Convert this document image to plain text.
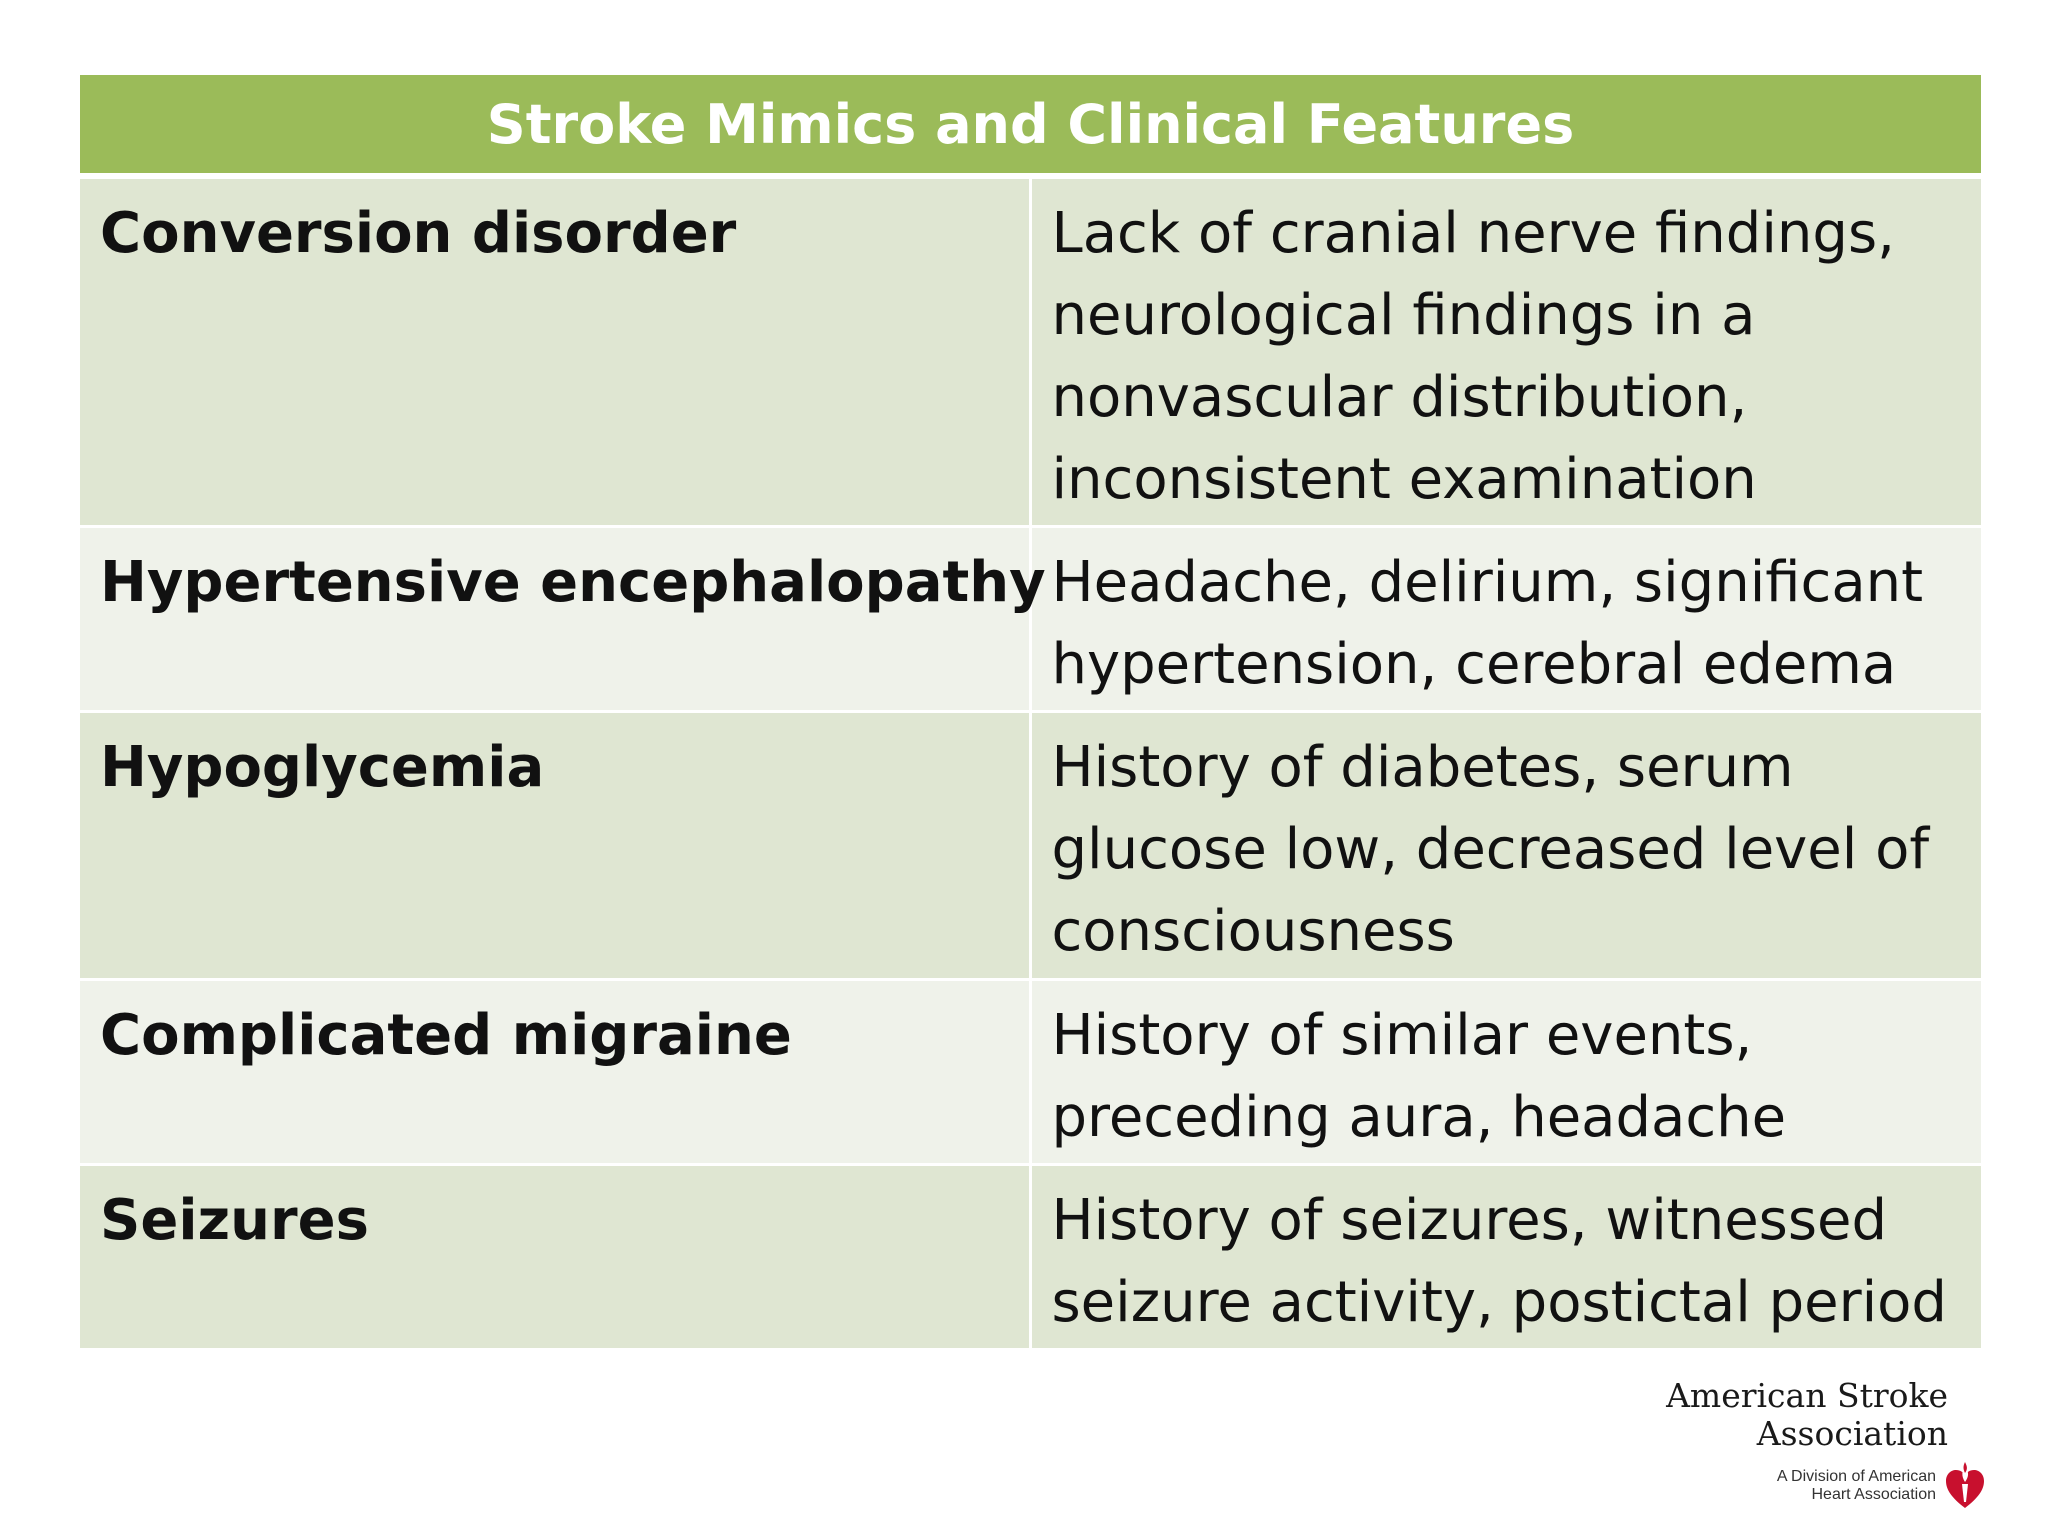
Stroke Mimics and Clinical Features	
Conversion disorder	Lack of cranial nerve findings,
neurological findings in a
nonvascular distribution,
inconsistent examination

Hypertensive encephalopathy	Headache, delirium, significant
hypertension, cerebral edema

Hypoglycemia	History of diabetes, serum
glucose low, decreased level of
consciousness

Complicated migraine	History of similar events,
preceding aura, headache

Seizures	History of seizures, witnessed
seizure activity, postictal period
American Stroke
Association
A Division of American
Heart Association
